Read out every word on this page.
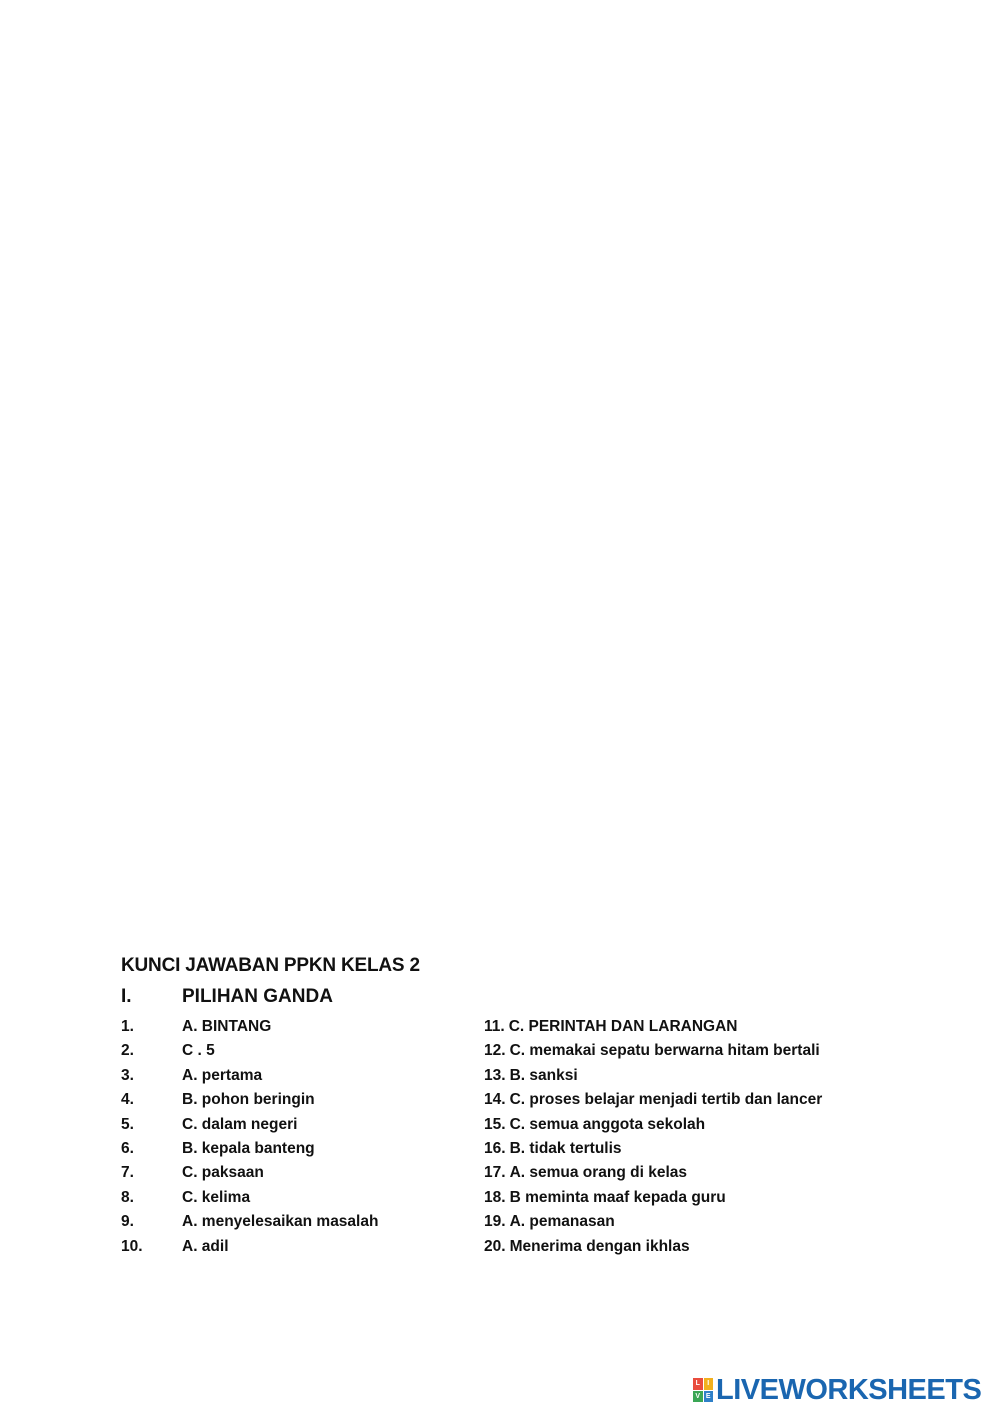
KUNCI JAWABAN PPKN KELAS 2
I.	PILIHAN GANDA
1.	A. BINTANG
2.	C . 5
3.	A. pertama
4.	B. pohon beringin
5.	C. dalam negeri
6.	B. kepala banteng
7.	C. paksaan
8.	C. kelima
9.	A. menyelesaikan masalah
10.	A. adil
11. C. PERINTAH DAN LARANGAN
12. C. memakai sepatu berwarna hitam bertali
13. B. sanksi
14. C. proses belajar menjadi tertib dan lancer
15. C. semua anggota sekolah
16. B. tidak tertulis
17. A. semua orang di kelas
18. B meminta maaf kepada guru
19. A. pemanasan
20. Menerima dengan ikhlas
L	I
V E LIVEWORKSHEETS
